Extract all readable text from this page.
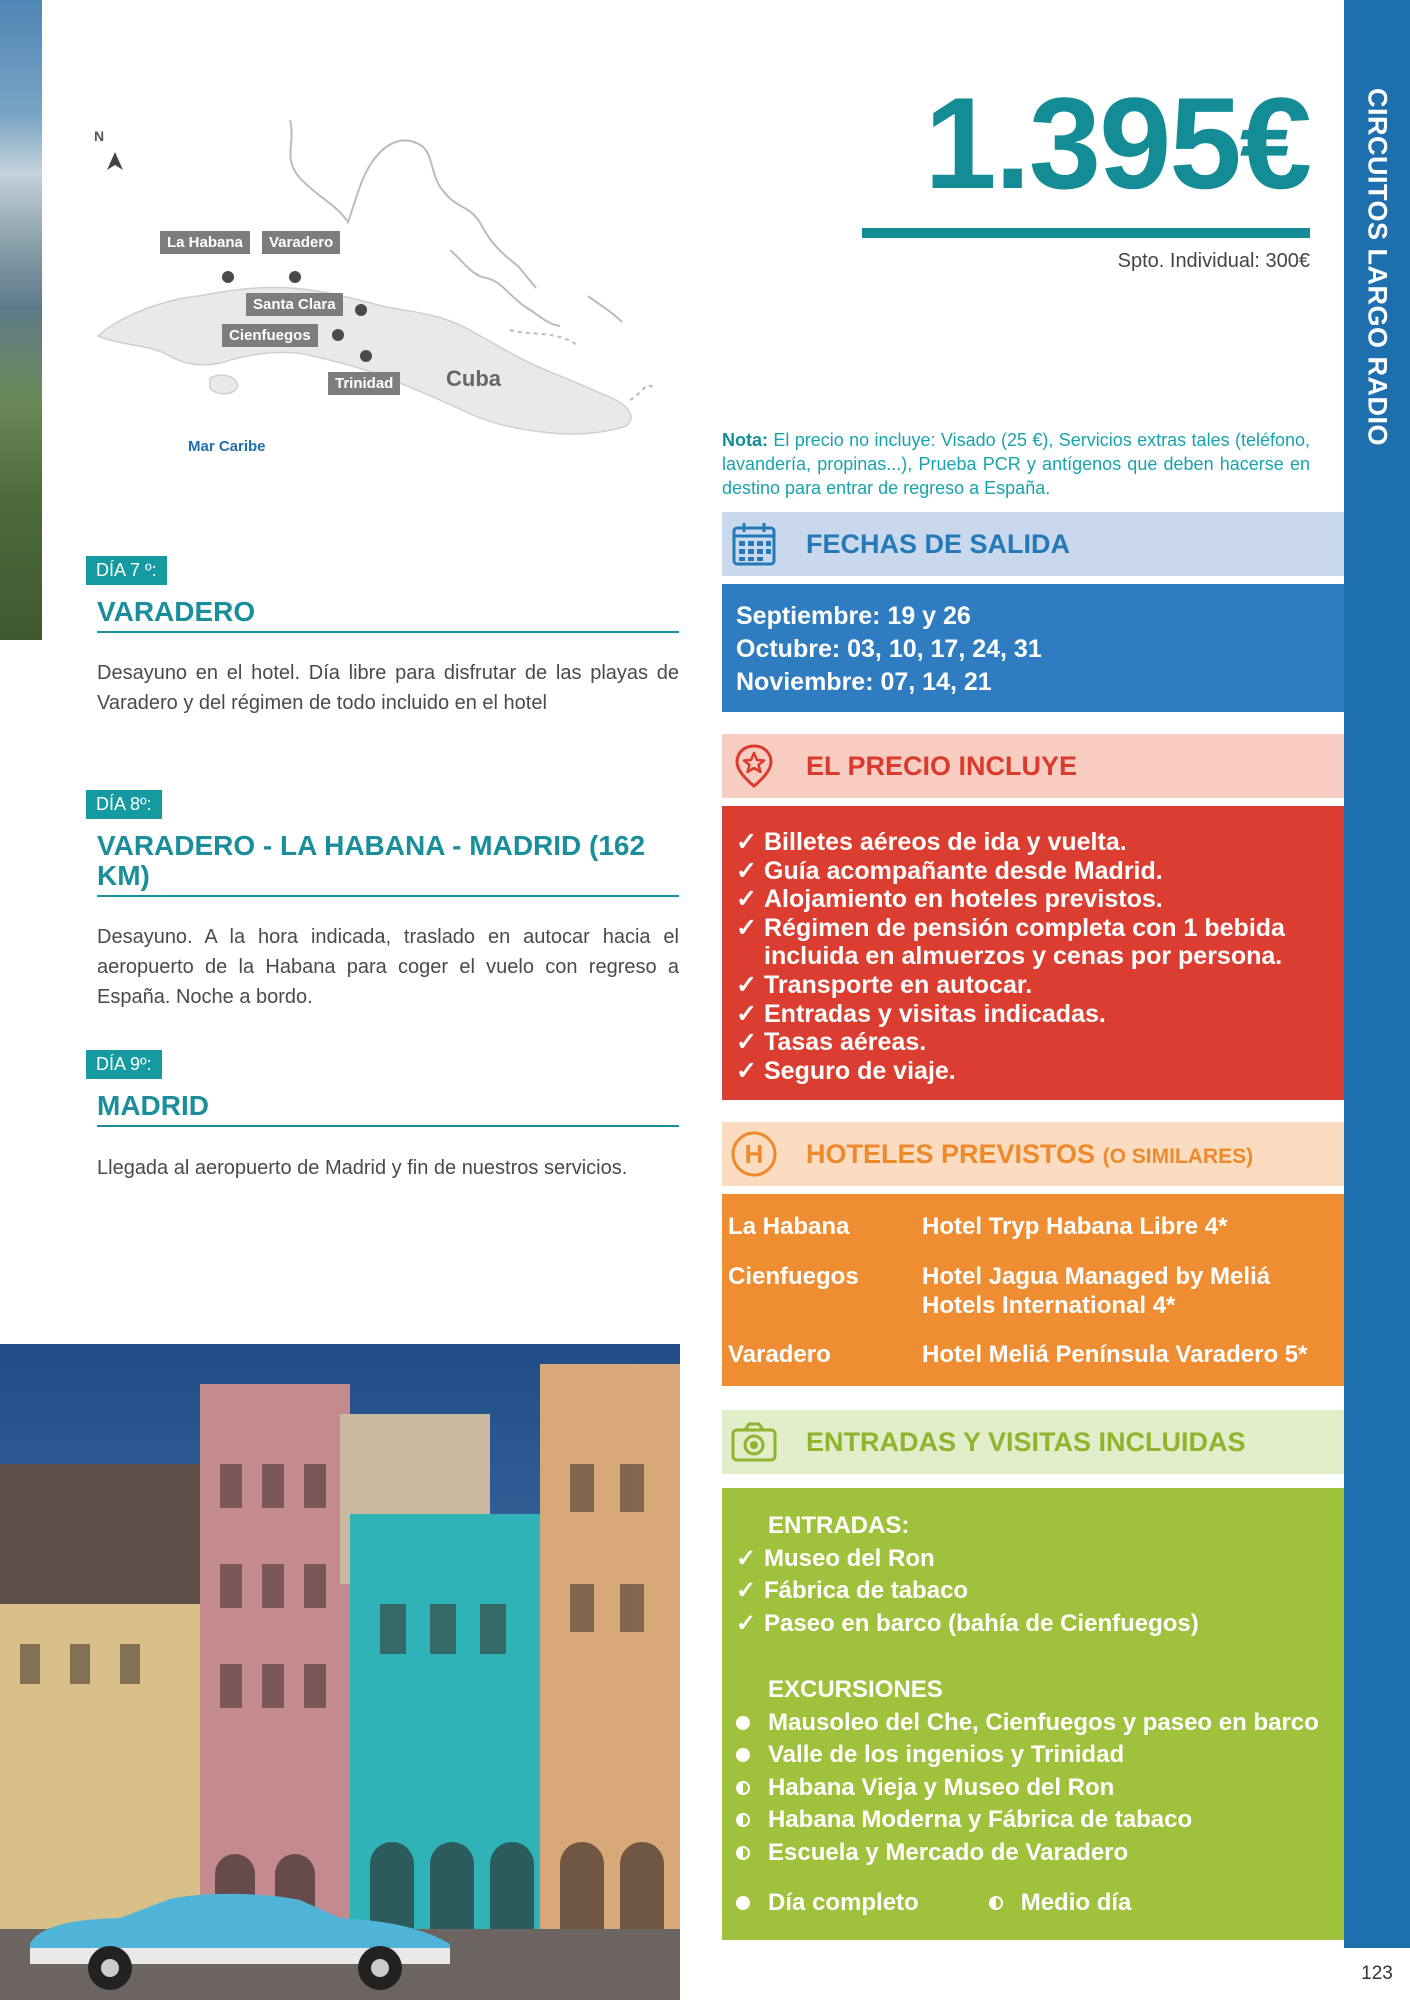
CIRCUITOS LARGO RADIO
123
N
La Habana	Varadero
Santa Clara
Cienfuegos
Trinidad	Cuba
Mar Caribe
DÍA 7 º:
VARADERO
Desayuno en el hotel. Día libre para disfrutar de las playas de Varadero y del régimen de todo incluido en el hotel
DÍA 8º:
VARADERO - LA HABANA - MADRID (162 KM)
Desayuno. A la hora indicada, traslado en autocar hacia el aeropuerto de la Habana para coger el vuelo con regreso a España. Noche a bordo.
DÍA 9º:
MADRID
Llegada al aeropuerto de Madrid y fin de nuestros servicios.
1.395€
Spto. Individual: 300€
Nota: El precio no incluye: Visado (25 €), Servicios extras tales (teléfono, lavandería, propinas...), Prueba PCR y antígenos que deben hacerse en destino para entrar de regreso a España.
FECHAS DE SALIDA
Septiembre: 19 y 26
Octubre: 03, 10, 17, 24, 31
Noviembre: 07, 14, 21
EL PRECIO INCLUYE
✓ Billetes aéreos de ida y vuelta.
✓ Guía acompañante desde Madrid.
✓ Alojamiento en hoteles previstos.
✓ Régimen de pensión completa con 1 bebida incluida en almuerzos y cenas por persona.
✓ Transporte en autocar.
✓ Entradas y visitas indicadas.
✓ Tasas aéreas.
✓ Seguro de viaje.
H HOTELES PREVISTOS (O SIMILARES)
La Habana	Hotel Tryp Habana Libre 4*
Cienfuegos	Hotel Jagua Managed by Meliá Hotels International 4*
Varadero	Hotel Meliá Península Varadero 5*
ENTRADAS Y VISITAS INCLUIDAS
ENTRADAS:
✓ Museo del Ron
✓ Fábrica de tabaco
✓ Paseo en barco (bahía de Cienfuegos)
EXCURSIONES
Mausoleo del Che, Cienfuegos y paseo en barco
Valle de los ingenios y Trinidad
Habana Vieja y Museo del Ron
Habana Moderna y Fábrica de tabaco
Escuela y Mercado de Varadero
Día completo	Medio día
